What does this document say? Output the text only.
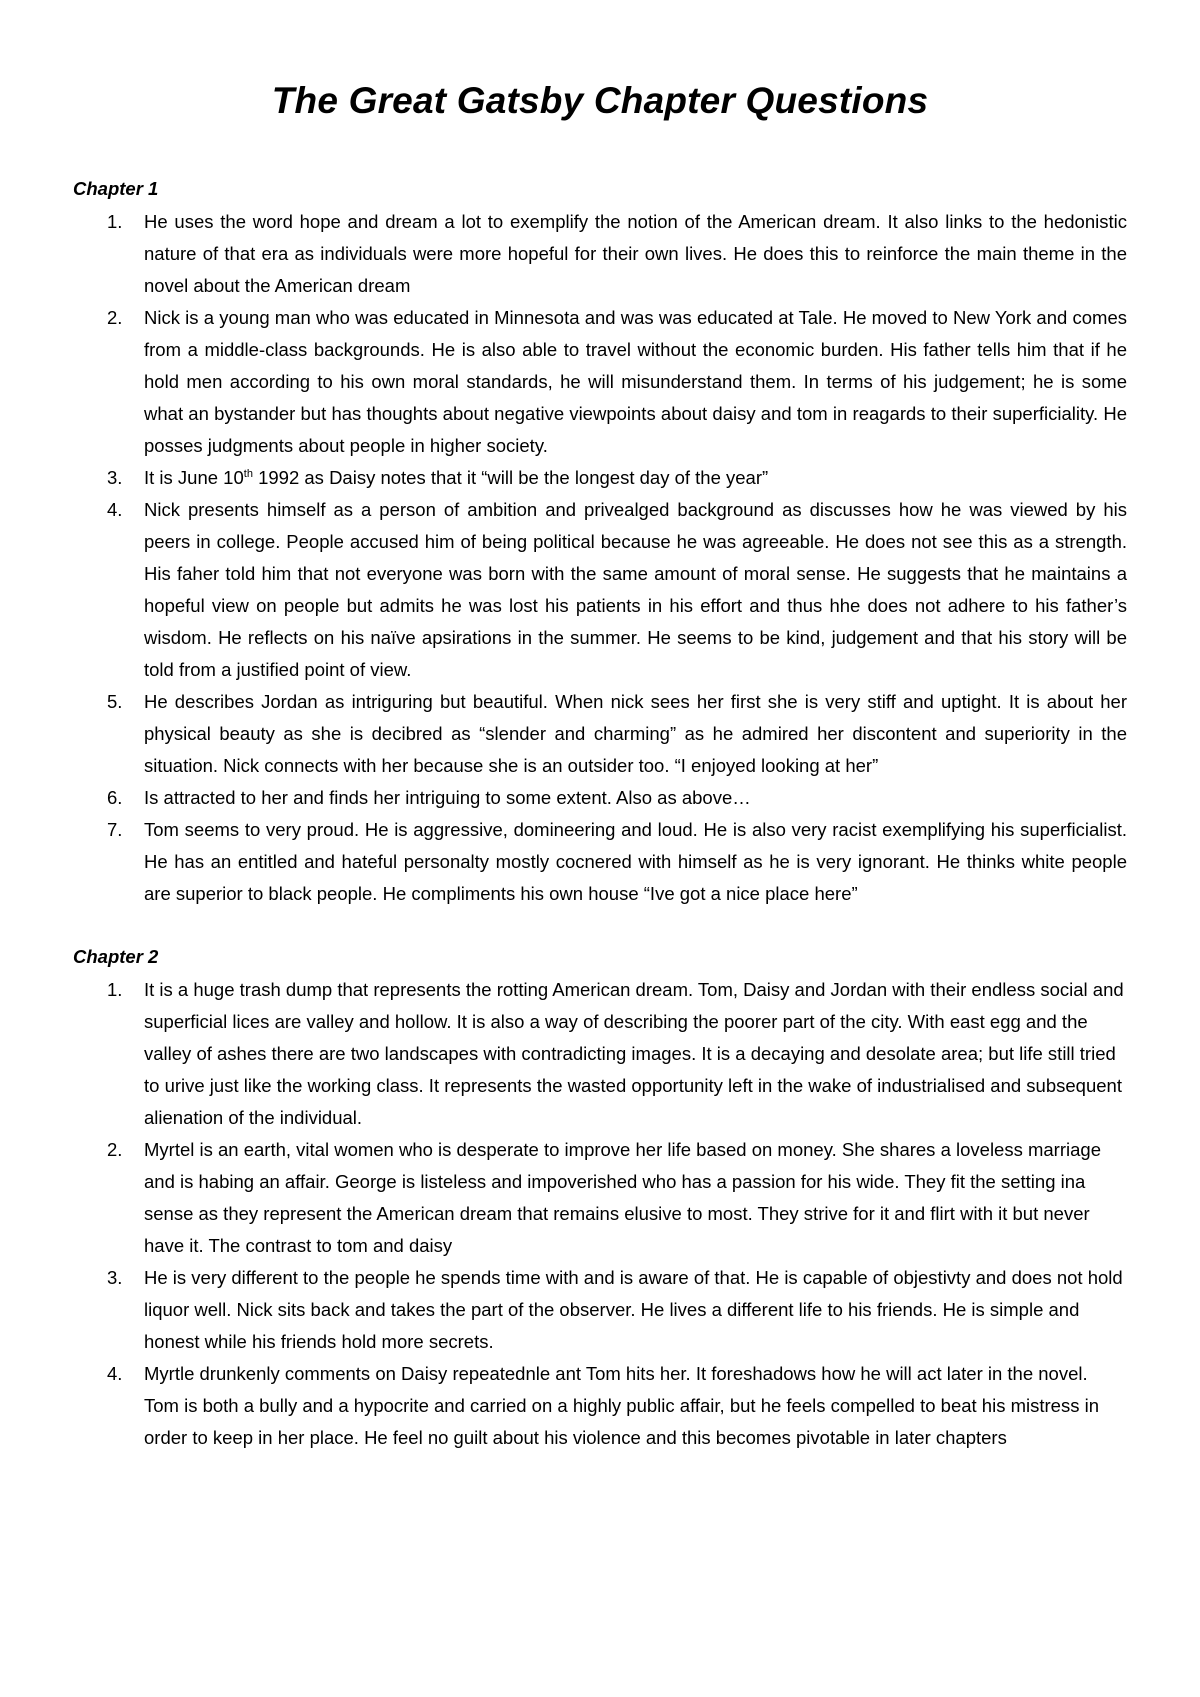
The Great Gatsby Chapter Questions
Chapter 1
1. He uses the word hope and dream a lot to exemplify the notion of the American dream. It also links to the hedonistic nature of that era as individuals were more hopeful for their own lives. He does this to reinforce the main theme in the novel about the American dream
2. Nick is a young man who was educated in Minnesota and was was educated at Tale. He moved to New York and comes from a middle-class backgrounds. He is also able to travel without the economic burden. His father tells him that if he hold men according to his own moral standards, he will misunderstand them. In terms of his judgement; he is some what an bystander but has thoughts about negative viewpoints about daisy and tom in reagards to their superficiality. He posses judgments about people in higher society.
3. It is June 10th 1992 as Daisy notes that it “will be the longest day of the year”
4. Nick presents himself as a person of ambition and privealged background as discusses how he was viewed by his peers in college. People accused him of being political because he was agreeable. He does not see this as a strength. His faher told him that not everyone was born with the same amount of moral sense. He suggests that he maintains a hopeful view on people but admits he was lost his patients in his effort and thus hhe does not adhere to his father’s wisdom. He reflects on his naïve apsirations in the summer. He seems to be kind, judgement and that his story will be told from a justified point of view.
5. He describes Jordan as intriguring but beautiful. When nick sees her first she is very stiff and uptight. It is about her physical beauty as she is decibred as “slender and charming” as he admired her discontent and superiority in the situation. Nick connects with her because she is an outsider too. “I enjoyed looking at her”
6. Is attracted to her and finds her intriguing to some extent. Also as above…
7. Tom seems to very proud. He is aggressive, domineering and loud. He is also very racist exemplifying his superficialist. He has an entitled and hateful personalty mostly cocnered with himself as he is very ignorant. He thinks white people are superior to black people. He compliments his own house “Ive got a nice place here”
Chapter 2
1. It is a huge trash dump that represents the rotting American dream. Tom, Daisy and Jordan with their endless social and superficial lices are valley and hollow. It is also a way of describing the poorer part of the city. With east egg and the valley of ashes there are two landscapes with contradicting images. It is a decaying and desolate area; but life still tried to urive just like the working class. It represents the wasted opportunity left in the wake of industrialised and subsequent alienation of the individual.
2. Myrtel is an earth, vital women who is desperate to improve her life based on money. She shares a loveless marriage and is habing an affair. George is listeless and impoverished who has a passion for his wide. They fit the setting ina sense as they represent the American dream that remains elusive to most. They strive for it and flirt with it but never have it. The contrast to tom and daisy
3. He is very different to the people he spends time with and is aware of that. He is capable of objestivty and does not hold liquor well. Nick sits back and takes the part of the observer. He lives a different life to his friends. He is simple and honest while his friends hold more secrets.
4. Myrtle drunkenly comments on Daisy repeatednle ant Tom hits her. It foreshadows how he will act later in the novel. Tom is both a bully and a hypocrite and carried on a highly public affair, but he feels compelled to beat his mistress in order to keep in her place. He feel no guilt about his violence and this becomes pivotable in later chapters
